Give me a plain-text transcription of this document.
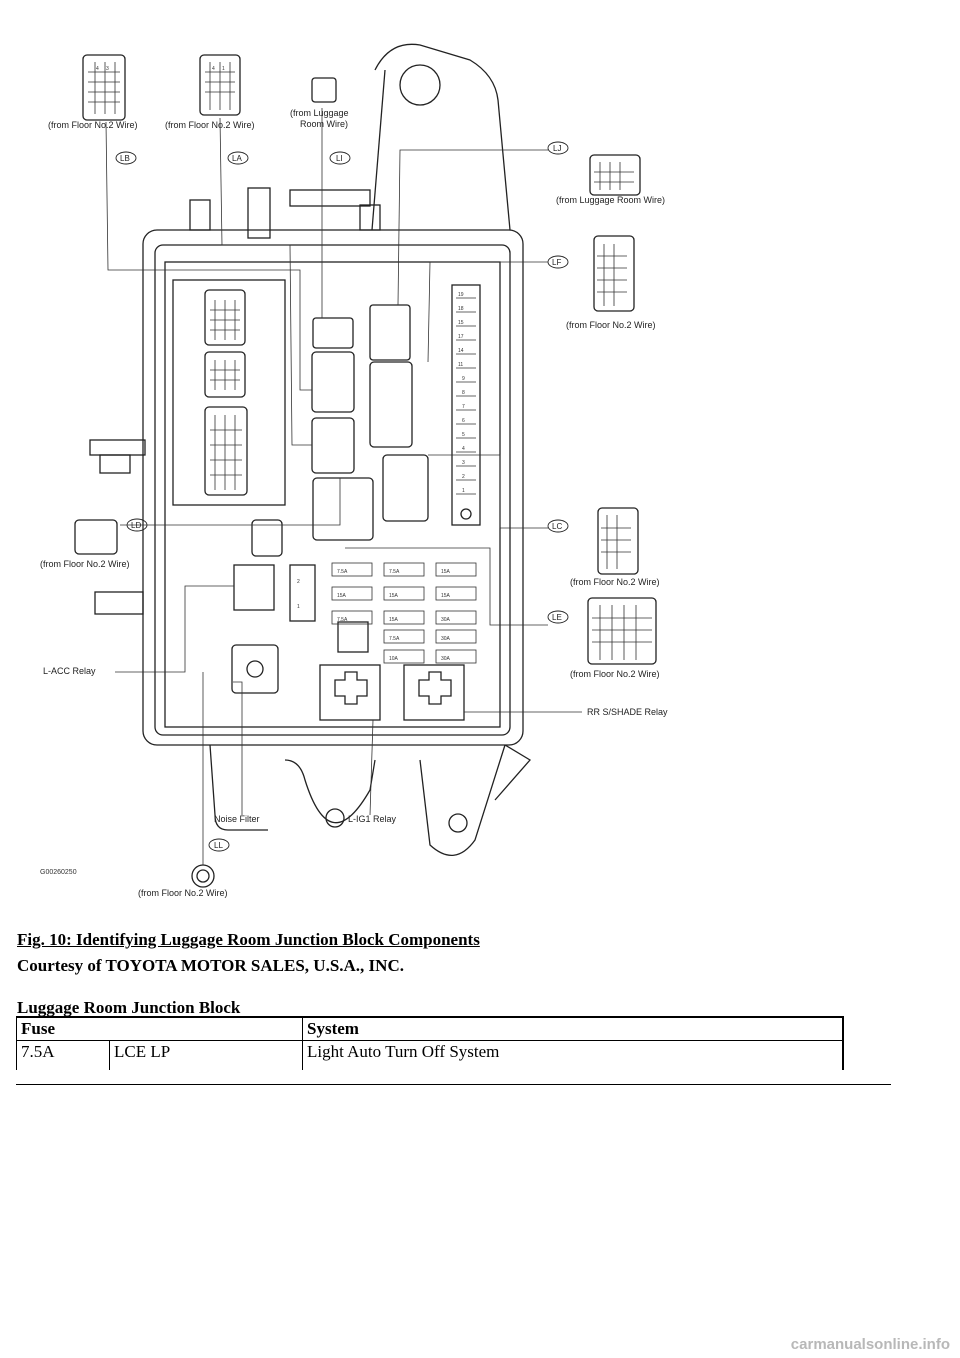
4 3	4 1
19
18
15
17
14
11
9
8
7
6
5
4
3
2
1
7.5A	7.5A	15A
15A	15A	15A
7.5A	15A	30A
7.5A	30A
10A	30A
2
1
LB	LA	LI
LJ
LF
LD	LC
LE
LL
(from Floor No.2 Wire)	(from Floor No.2 Wire)
(from Luggage
Room Wire)
(from Luggage Room Wire)
(from Floor No.2 Wire)
(from Floor No.2 Wire)
(from Floor No.2 Wire)
(from Floor No.2 Wire)
(from Floor No.2 Wire)
L-ACC Relay
RR S/SHADE Relay
Noise Filter	L-IG1 Relay
G00260250
Fig. 10: Identifying Luggage Room Junction Block Components
Courtesy of TOYOTA MOTOR SALES, U.S.A., INC.
Luggage Room Junction Block
Fuse		System
7.5A	LCE LP	Light Auto Turn Off System
carmanualsonline.info
